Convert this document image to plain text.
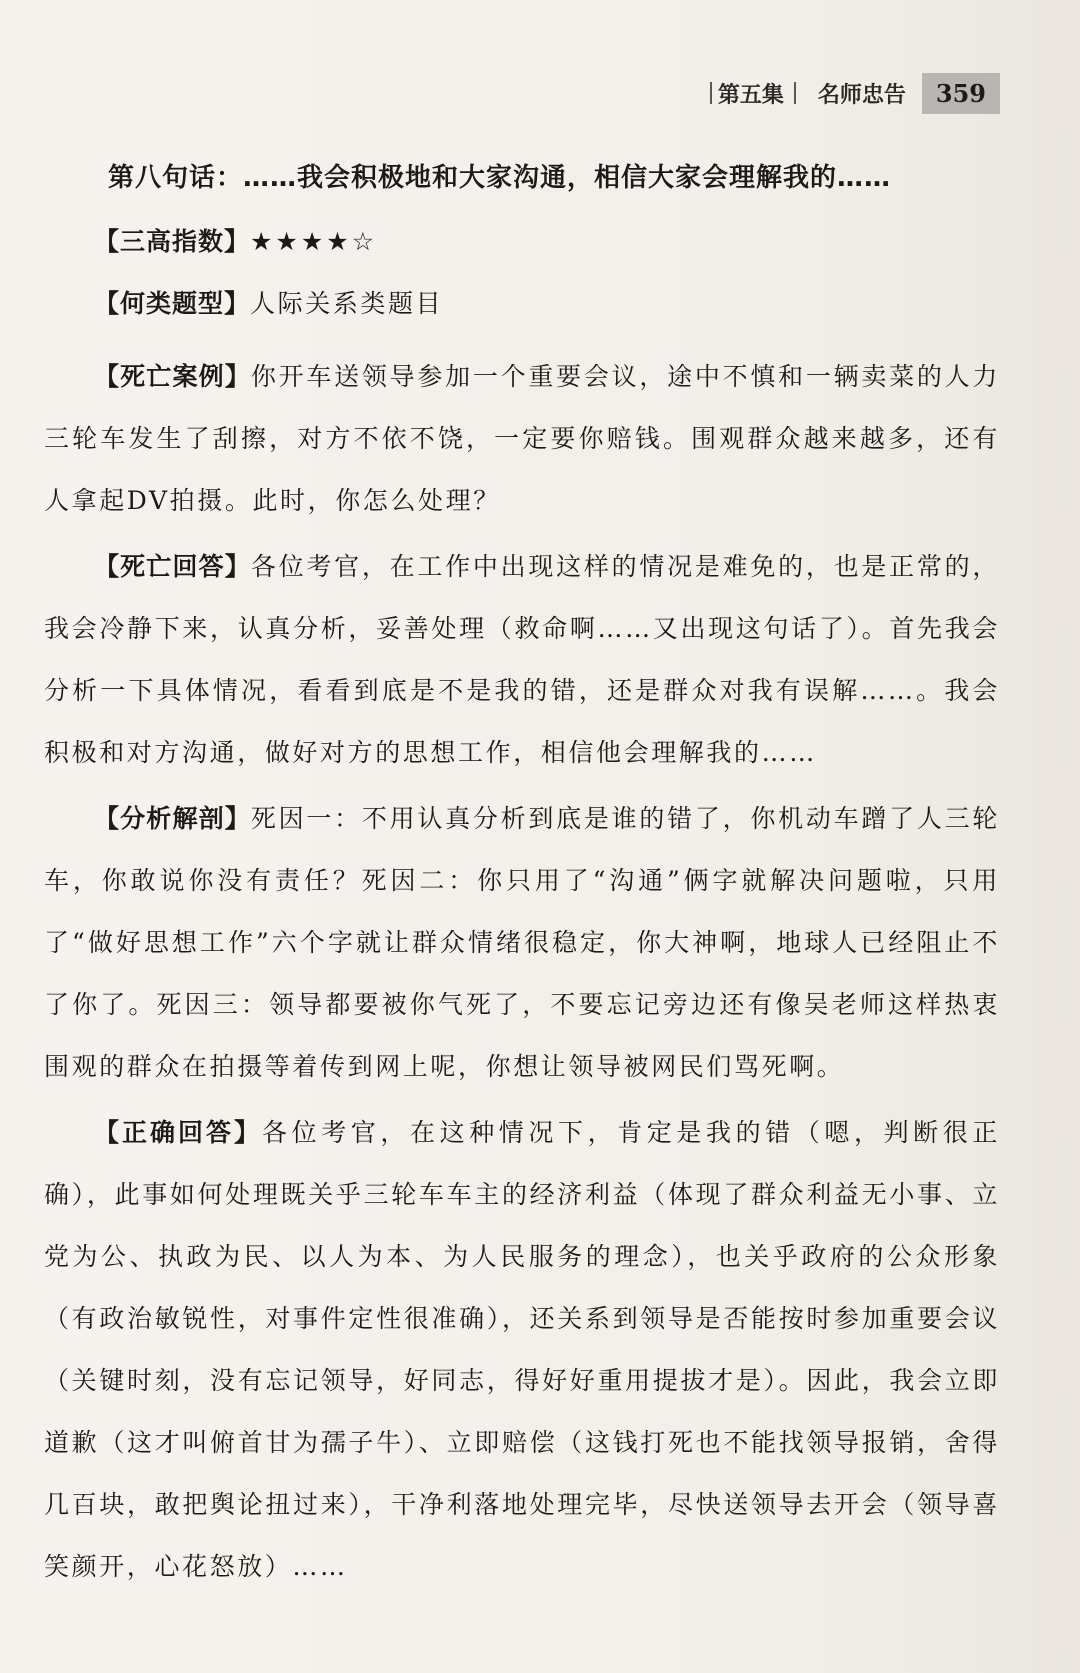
第五集 名师忠告	359
第八句话：……我会积极地和大家沟通，相信大家会理解我的……

【三高指数】★★★★☆

【何类题型】人际关系类题目

【死亡案例】你开车送领导参加一个重要会议，途中不慎和一辆卖菜的人力三轮车发生了刮擦，对方不依不饶，一定要你赔钱。围观群众越来越多，还有人拿起DV拍摄。此时，你怎么处理？

【死亡回答】各位考官，在工作中出现这样的情况是难免的，也是正常的，我会冷静下来，认真分析，妥善处理（救命啊……又出现这句话了）。首先我会分析一下具体情况，看看到底是不是我的错，还是群众对我有误解……。我会积极和对方沟通，做好对方的思想工作，相信他会理解我的……

【分析解剖】死因一：不用认真分析到底是谁的错了，你机动车蹭了人三轮车，你敢说你没有责任？死因二：你只用了“沟通”俩字就解决问题啦，只用了“做好思想工作”六个字就让群众情绪很稳定，你大神啊，地球人已经阻止不了你了。死因三：领导都要被你气死了，不要忘记旁边还有像吴老师这样热衷围观的群众在拍摄等着传到网上呢，你想让领导被网民们骂死啊。

【正确回答】各位考官，在这种情况下，肯定是我的错（嗯，判断很正确），此事如何处理既关乎三轮车车主的经济利益（体现了群众利益无小事、立党为公、执政为民、以人为本、为人民服务的理念），也关乎政府的公众形象（有政治敏锐性，对事件定性很准确），还关系到领导是否能按时参加重要会议（关键时刻，没有忘记领导，好同志，得好好重用提拔才是）。因此，我会立即道歉（这才叫俯首甘为孺子牛）、立即赔偿（这钱打死也不能找领导报销，舍得几百块，敢把舆论扭过来），干净利落地处理完毕，尽快送领导去开会（领导喜笑颜开，心花怒放）……
